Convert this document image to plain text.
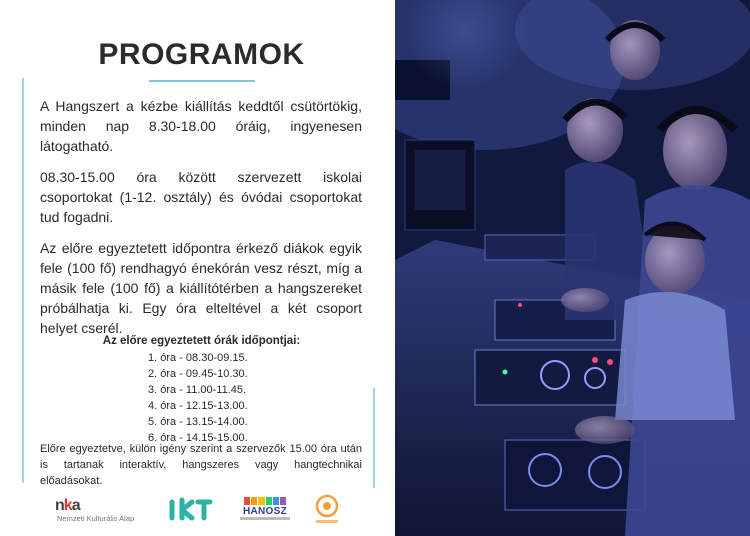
PROGRAMOK

A Hangszert a kézbe kiállítás keddtől csütörtökig, minden nap 8.30-18.00 óráig, ingyenesen látogatható.

08.30-15.00 óra között szervezett iskolai csoportokat (1-12. osztály) és óvódai csoportokat tud fogadni.

Az előre egyeztetett időpontra érkező diákok egyik fele (100 fő) rendhagyó énekórán vesz részt, míg a másik fele (100 fő) a kiállítótérben a hangszereket próbálhatja ki. Egy óra elteltével a két csoport helyet cserél.

Az előre egyeztetett órák időpontjai:
1. óra - 08.30-09.15.
2. óra - 09.45-10.30.
3. óra - 11.00-11.45.
4. óra - 12.15-13.00.
5. óra - 13.15-14.00.
6. óra - 14.15-15.00.

Előre egyeztetve, külön igény szerint a szervezők 15.00 óra után is tartanak interaktív, hangszeres vagy hangtechnikai előadásokat.

nka
Nemzeti Kulturális Alap
HANOSZ
